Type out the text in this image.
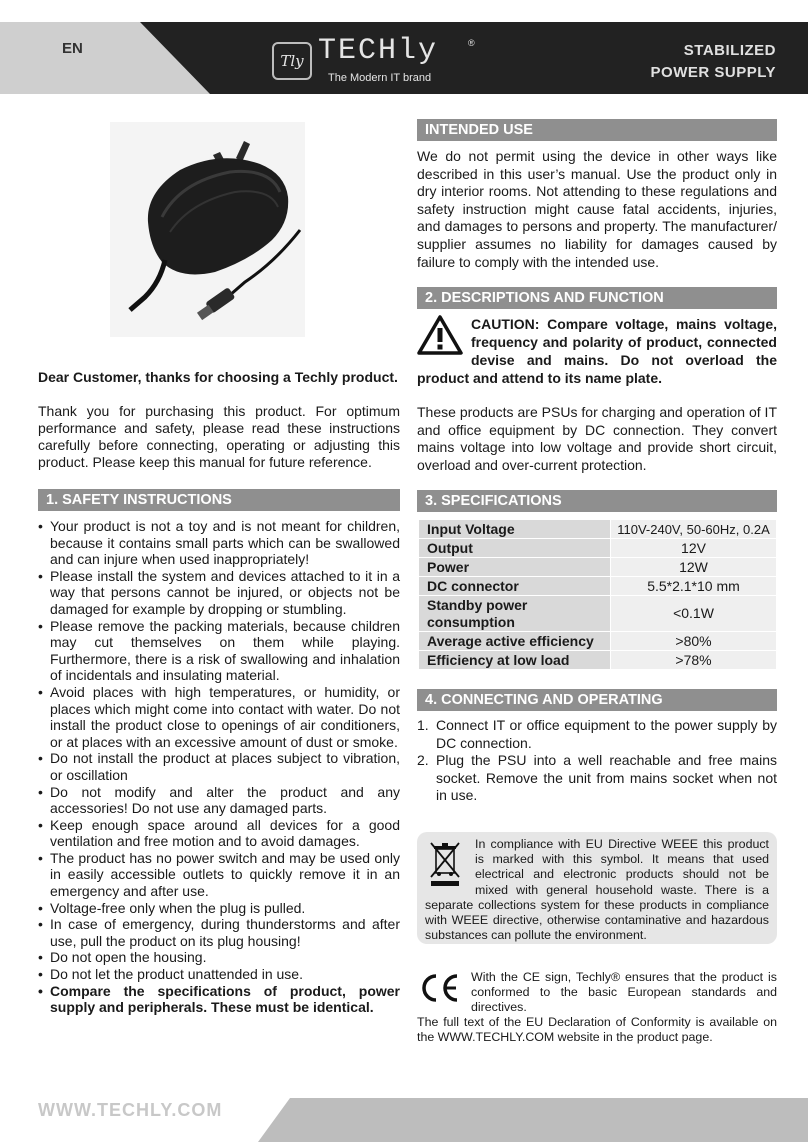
EN
Tly TECHly	®
The Modern IT brand
STABILIZED
POWER SUPPLY
Dear Customer, thanks for choosing a Techly product.
Thank you for purchasing this product. For optimum performance and safety, please read these instructions carefully before connecting, operating or adjusting this product. Please keep this manual for future reference.
1. SAFETY INSTRUCTIONS
• Your product is not a toy and is not meant for children, because it contains small parts which can be swallowed and can injure when used inappropriately!
• Please install the system and devices attached to it in a way that persons cannot be injured, or objects not be damaged for example by dropping or stumbling.
• Please remove the packing materials, because children may cut themselves on them while playing. Furthermore, there is a risk of swallowing and inhalation of incidentals and insulating material.
• Avoid places with high temperatures, or humidity, or places which might come into contact with water. Do not install the product close to openings of air conditioners, or at places with an excessive amount of dust or smoke.
• Do not install the product at places subject to vibration, or oscillation
• Do not modify and alter the product and any accessories! Do not use any damaged parts.
• Keep enough space around all devices for a good ventilation and free motion and to avoid damages.
• The product has no power switch and may be used only in easily accessible outlets to quickly remove it in an emergency and after use.
• Voltage-free only when the plug is pulled.
• In case of emergency, during thunderstorms and after use, pull the product on its plug housing!
• Do not open the housing.
• Do not let the product unattended in use.
• Compare the specifications of product, power supply and peripherals. These must be identical.
INTENDED USE
We do not permit using the device in other ways like described in this user’s manual. Use the product only in dry interior rooms. Not attending to these regulations and safety instruction might cause fatal accidents, injuries, and damages to persons and property. The manufacturer/ supplier assumes no liability for damages caused by failure to comply with the intended use.
2. DESCRIPTIONS AND FUNCTION
CAUTION: Compare voltage, mains voltage, frequency and polarity of product, connected devise and mains. Do not overload the product and attend to its name plate.
These products are PSUs for charging and operation of IT and office equipment by DC connection. They convert mains voltage into low voltage and provide short circuit, overload and over-current protection.
3. SPECIFICATIONS
Input Voltage	110V-240V, 50-60Hz, 0.2A
Output	12V
Power	12W
DC connector	5.5*2.1*10 mm
Standby power consumption	<0.1W
Average active efficiency	>80%
Efficiency at low load	>78%
4. CONNECTING AND OPERATING
1. Connect IT or office equipment to the power supply by DC connection.
2. Plug the PSU into a well reachable and free mains socket. Remove the unit from mains socket when not in use.
In compliance with EU Directive WEEE this product is marked with this symbol. It means that used electrical and electronic products should not be mixed with general household waste. There is a separate collections system for these products in compliance with WEEE directive, otherwise contaminative and hazardous substances can pollute the environment.
With the CE sign, Techly® ensures that the product is conformed to the basic European standards and directives.
The full text of the EU Declaration of Conformity is available on the WWW.TECHLY.COM website in the product page.
WWW.TECHLY.COM
